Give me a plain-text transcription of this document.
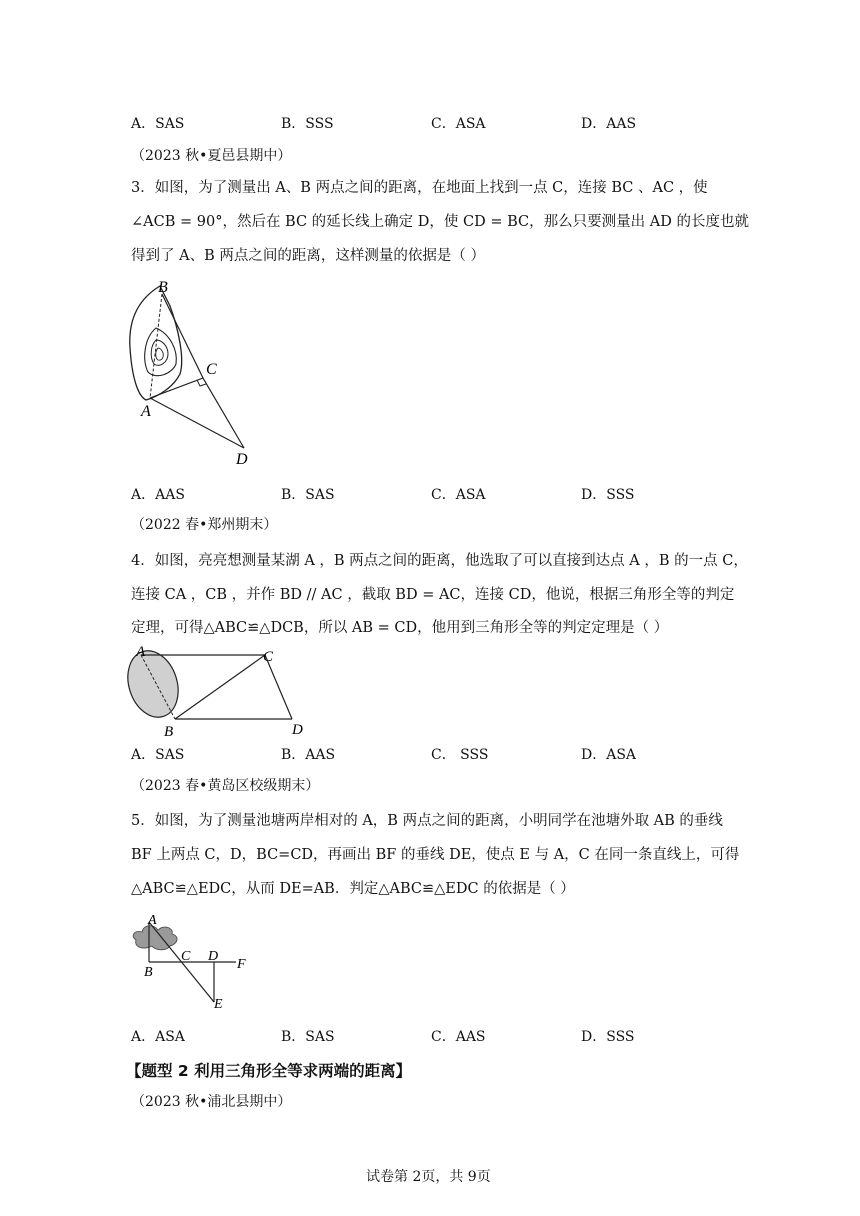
A．SAS	B．SSS	C．ASA	D．AAS
（2023 秋•夏邑县期中）
3．如图，为了测量出 A、B 两点之间的距离，在地面上找到一点 C，连接 BC 、AC ，使
∠ACB = 90°，然后在 BC 的延长线上确定 D，使 CD = BC，那么只要测量出 AD 的长度也就
得到了 A、B 两点之间的距离，这样测量的依据是（ ）
B
C
A
D
A．AAS	B．SAS	C．ASA	D．SSS
（2022 春•郑州期末）
4．如图，亮亮想测量某湖 A ，B 两点之间的距离，他选取了可以直接到达点 A ，B 的一点 C，
连接 CA ，CB ，并作 BD // AC ，截取 BD = AC，连接 CD，他说，根据三角形全等的判定
定理，可得△ABC≌△DCB，所以 AB = CD，他用到三角形全等的判定定理是（ ）
A	C
B	D
A．SAS	B．AAS	C． SSS	D．ASA
（2023 春•黄岛区校级期末）
5．如图，为了测量池塘两岸相对的 A，B 两点之间的距离，小明同学在池塘外取 AB 的垂线
BF 上两点 C，D，BC=CD，再画出 BF 的垂线 DE，使点 E 与 A，C 在同一条直线上，可得
△ABC≌△EDC，从而 DE=AB．判定△ABC≌△EDC 的依据是（ ）
A
B
C D
F
E
A．ASA	B．SAS	C．AAS	D．SSS
【题型 2 利用三角形全等求两端的距离】
（2023 秋•浦北县期中）
试卷第 2页，共 9页
